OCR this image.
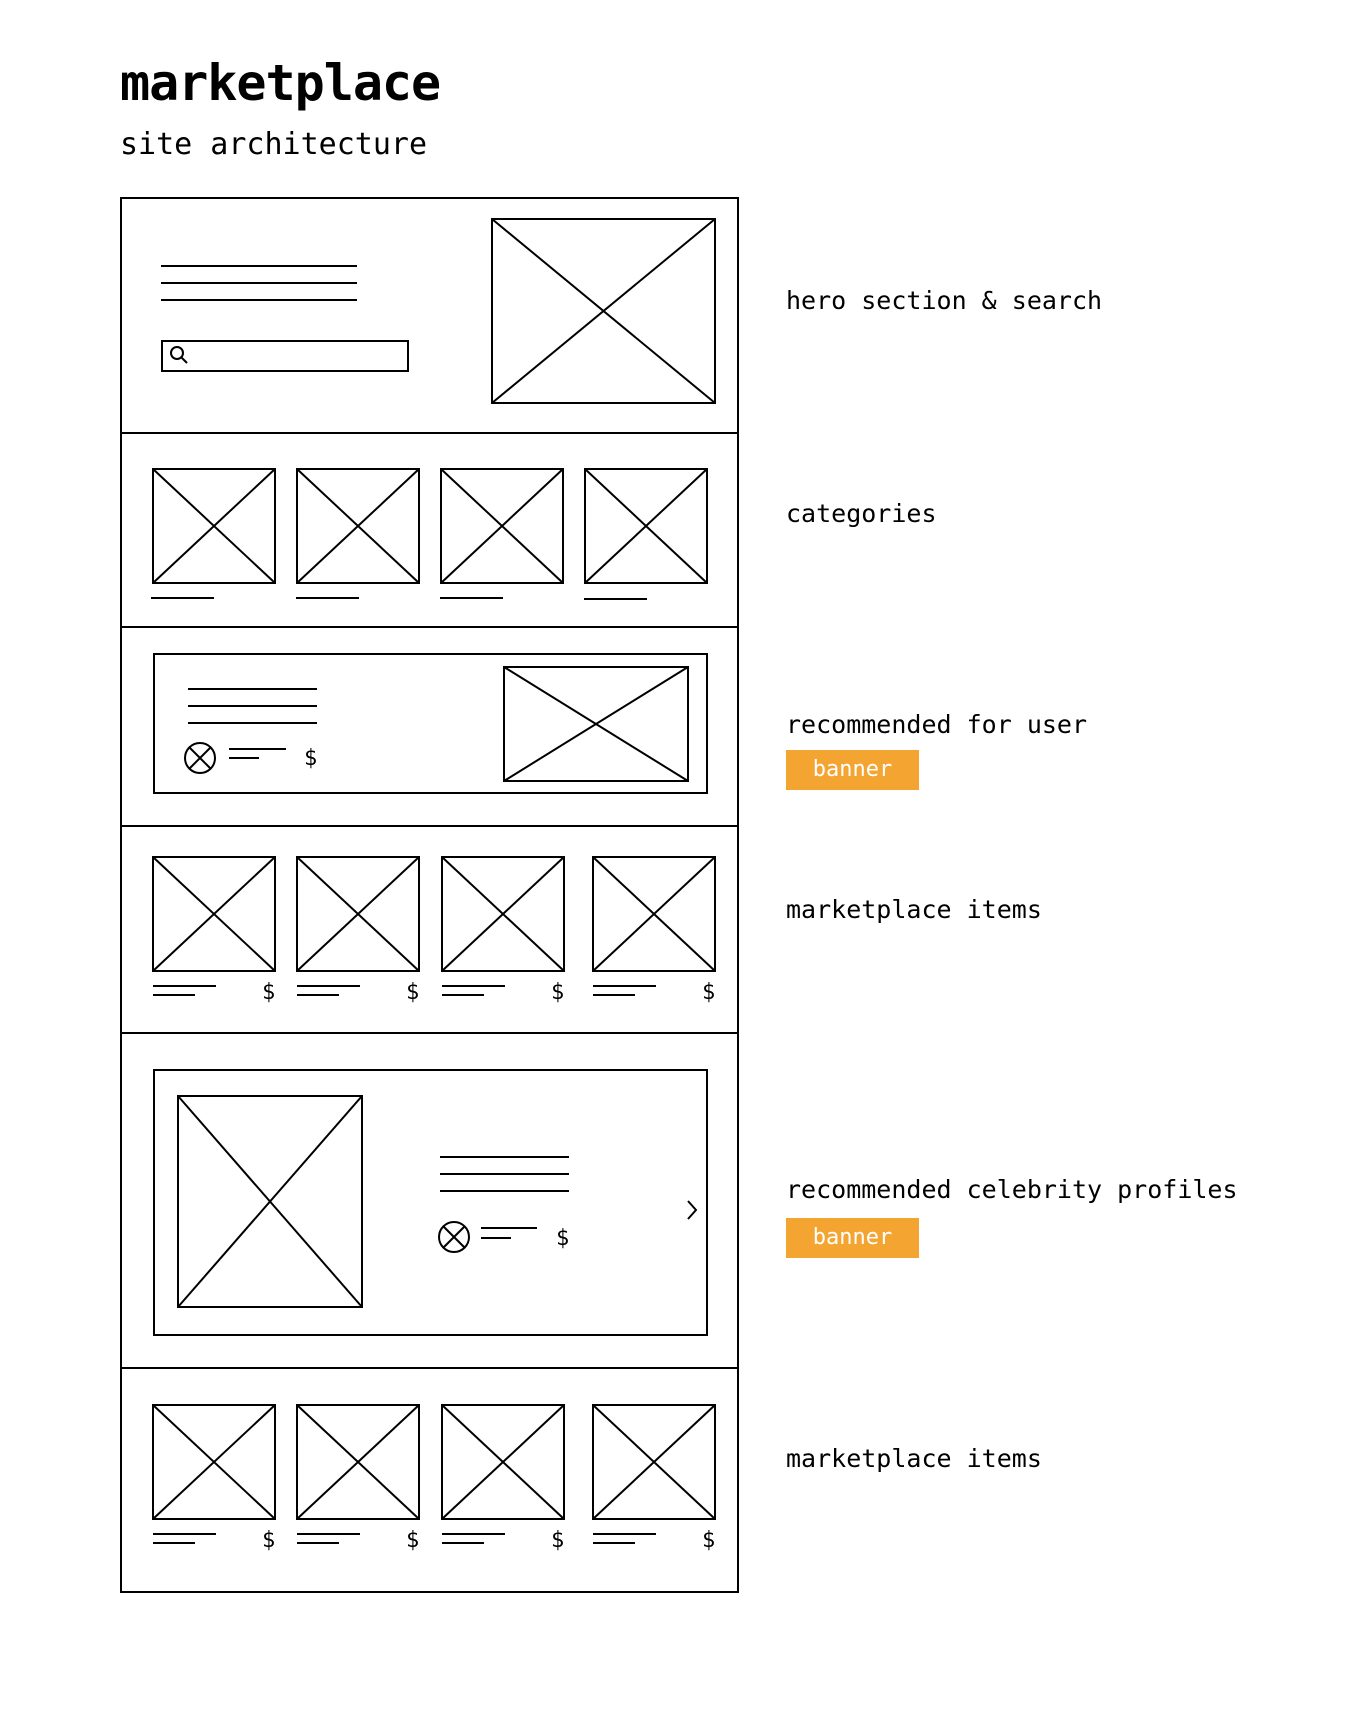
marketplace
site architecture
$
$	$	$	$
$
$	$	$	$
hero section & search
categories
recommended for user
banner
marketplace items
recommended celebrity profiles
banner
marketplace items
